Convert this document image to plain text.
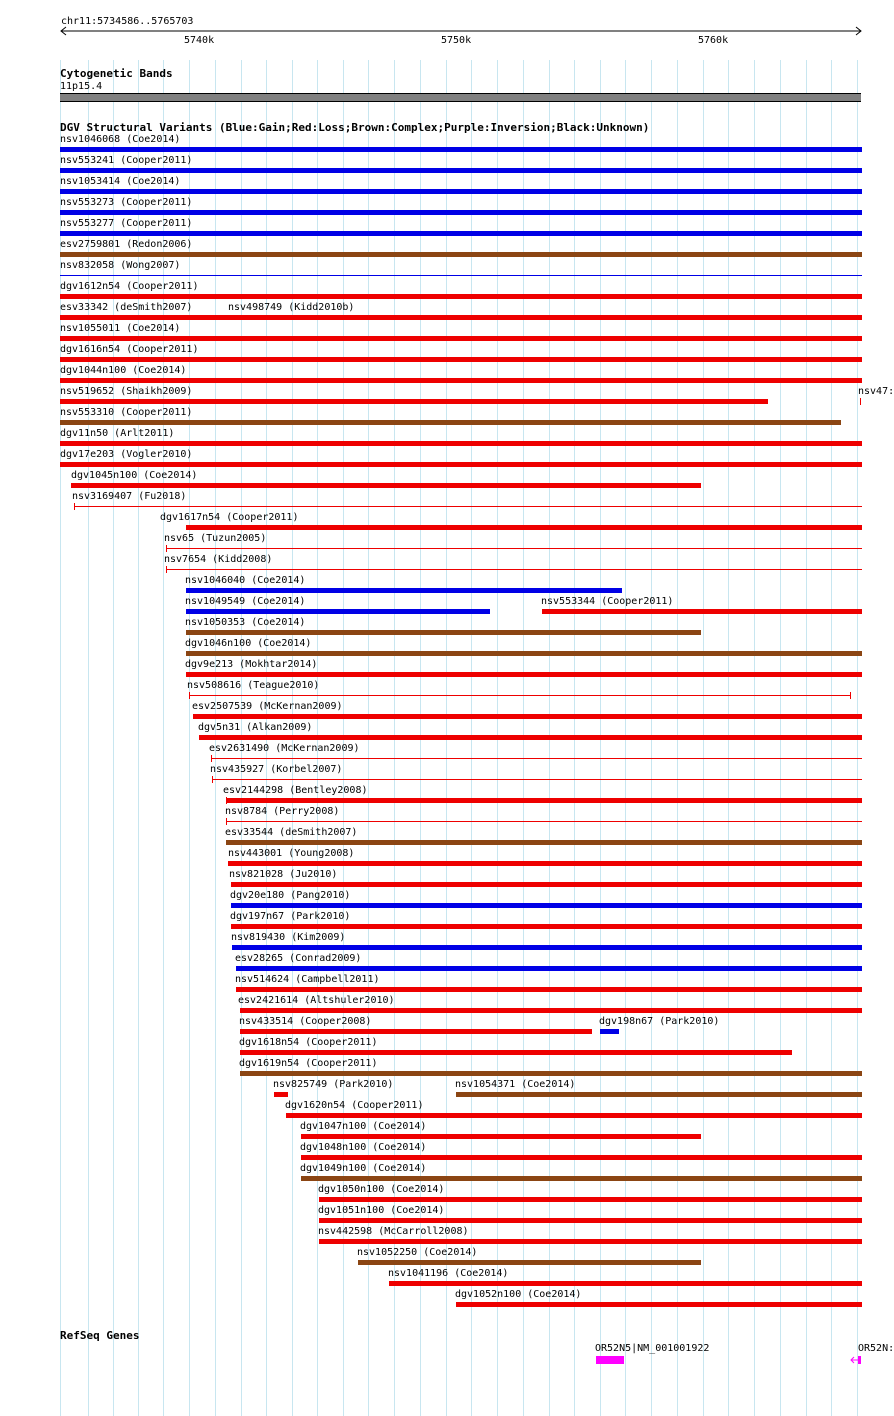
chr11:5734586..5765703
5740k	5750k	5760k
Cytogenetic Bands
11p15.4
DGV Structural Variants (Blue:Gain;Red:Loss;Brown:Complex;Purple:Inversion;Black:Unknown)
nsv1046068 (Coe2014)
nsv553241 (Cooper2011)
nsv1053414 (Coe2014)
nsv553273 (Cooper2011)
nsv553277 (Cooper2011)
esv2759801 (Redon2006)
nsv832058 (Wong2007)
dgv1612n54 (Cooper2011)
esv33342 (deSmith2007)	nsv498749 (Kidd2010b)
nsv1055011 (Coe2014)
dgv1616n54 (Cooper2011)
dgv1044n100 (Coe2014)
nsv519652 (Shaikh2009)	nsv47:
nsv553310 (Cooper2011)
dgv11n50 (Arlt2011)
dgv17e203 (Vogler2010)
dgv1045n100 (Coe2014)
nsv3169407 (Fu2018)
dgv1617n54 (Cooper2011)
nsv65 (Tuzun2005)
nsv7654 (Kidd2008)
nsv1046040 (Coe2014)
nsv1049549 (Coe2014)	nsv553344 (Cooper2011)
nsv1050353 (Coe2014)
dgv1046n100 (Coe2014)
dgv9e213 (Mokhtar2014)
nsv508616 (Teague2010)
esv2507539 (McKernan2009)
dgv5n31 (Alkan2009)
esv2631490 (McKernan2009)
nsv435927 (Korbel2007)
esv2144298 (Bentley2008)
nsv8784 (Perry2008)
esv33544 (deSmith2007)
nsv443001 (Young2008)
nsv821028 (Ju2010)
dgv20e180 (Pang2010)
dgv197n67 (Park2010)
nsv819430 (Kim2009)
esv28265 (Conrad2009)
nsv514624 (Campbell2011)
esv2421614 (Altshuler2010)
nsv433514 (Cooper2008)	dgv198n67 (Park2010)
dgv1618n54 (Cooper2011)
dgv1619n54 (Cooper2011)
nsv825749 (Park2010)	nsv1054371 (Coe2014)
dgv1620n54 (Cooper2011)
dgv1047n100 (Coe2014)
dgv1048n100 (Coe2014)
dgv1049n100 (Coe2014)
dgv1050n100 (Coe2014)
dgv1051n100 (Coe2014)
nsv442598 (McCarroll2008)
nsv1052250 (Coe2014)
nsv1041196 (Coe2014)
dgv1052n100 (Coe2014)
RefSeq Genes
OR52N5|NM_001001922	OR52N:
